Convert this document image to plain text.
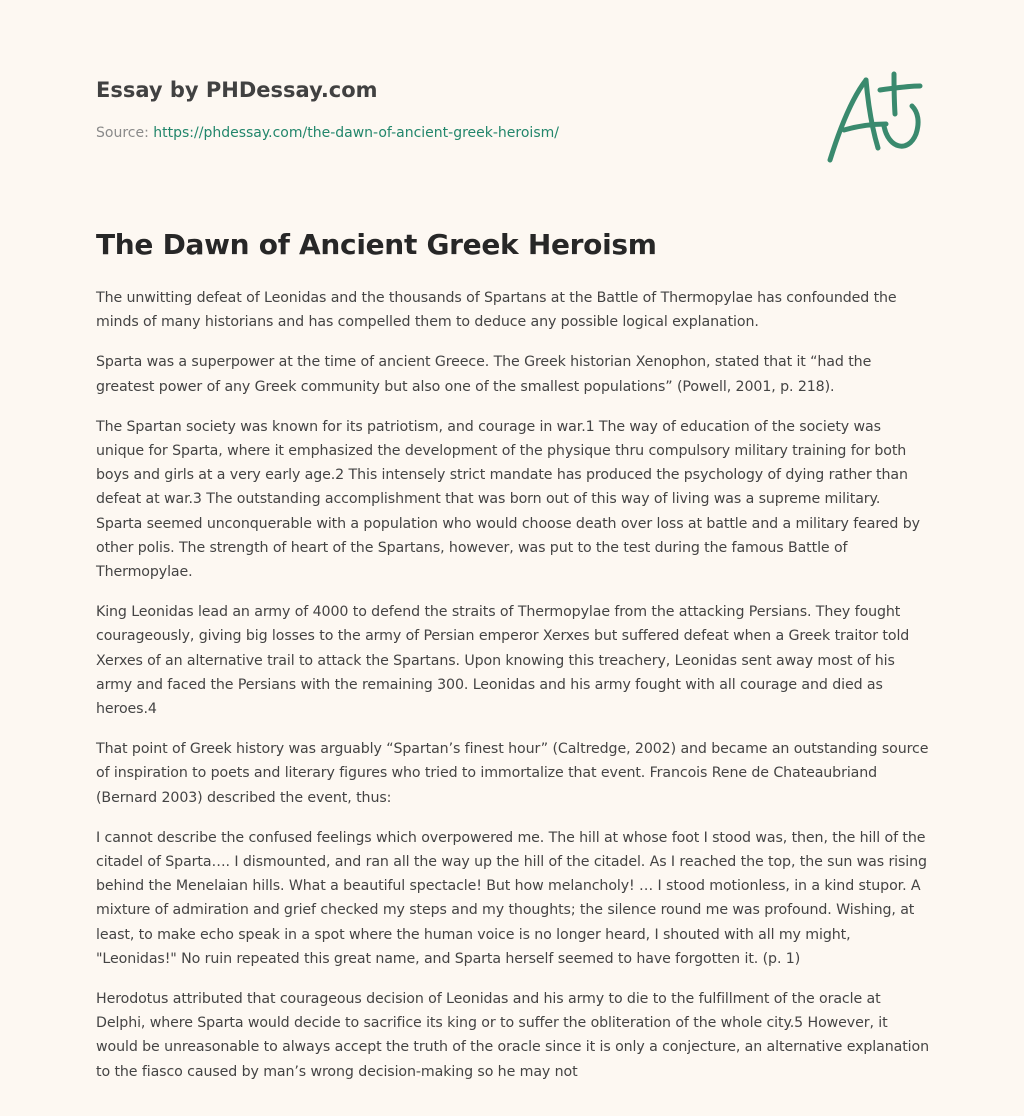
Essay by PHDessay.com
Source: https://phdessay.com/the-dawn-of-ancient-greek-heroism/
The Dawn of Ancient Greek Heroism

The unwitting defeat of Leonidas and the thousands of Spartans at the Battle of Thermopylae has confounded the minds of many historians and has compelled them to deduce any possible logical explanation.

Sparta was a superpower at the time of ancient Greece. The Greek historian Xenophon, stated that it “had the greatest power of any Greek community but also one of the smallest populations” (Powell, 2001, p. 218).

The Spartan society was known for its patriotism, and courage in war.1 The way of education of the society was unique for Sparta, where it emphasized the development of the physique thru compulsory military training for both boys and girls at a very early age.2 This intensely strict mandate has produced the psychology of dying rather than defeat at war.3 The outstanding accomplishment that was born out of this way of living was a supreme military. Sparta seemed unconquerable with a population who would choose death over loss at battle and a military feared by other polis. The strength of heart of the Spartans, however, was put to the test during the famous Battle of Thermopylae.

King Leonidas lead an army of 4000 to defend the straits of Thermopylae from the attacking Persians. They fought courageously, giving big losses to the army of Persian emperor Xerxes but suffered defeat when a Greek traitor told Xerxes of an alternative trail to attack the Spartans. Upon knowing this treachery, Leonidas sent away most of his army and faced the Persians with the remaining 300. Leonidas and his army fought with all courage and died as heroes.4

That point of Greek history was arguably “Spartan’s finest hour” (Caltredge, 2002) and became an outstanding source of inspiration to poets and literary figures who tried to immortalize that event. Francois Rene de Chateaubriand (Bernard 2003) described the event, thus:

I cannot describe the confused feelings which overpowered me. The hill at whose foot I stood was, then, the hill of the citadel of Sparta…. I dismounted, and ran all the way up the hill of the citadel. As I reached the top, the sun was rising behind the Menelaian hills. What a beautiful spectacle! But how melancholy! … I stood motionless, in a kind stupor. A mixture of admiration and grief checked my steps and my thoughts; the silence round me was profound. Wishing, at least, to make echo speak in a spot where the human voice is no longer heard, I shouted with all my might, "Leonidas!" No ruin repeated this great name, and Sparta herself seemed to have forgotten it. (p. 1)

Herodotus attributed that courageous decision of Leonidas and his army to die to the fulfillment of the oracle at Delphi, where Sparta would decide to sacrifice its king or to suffer the obliteration of the whole city.5 However, it would be unreasonable to always accept the truth of the oracle since it is only a conjecture, an alternative explanation to the fiasco caused by man’s wrong decision-making so he may not
